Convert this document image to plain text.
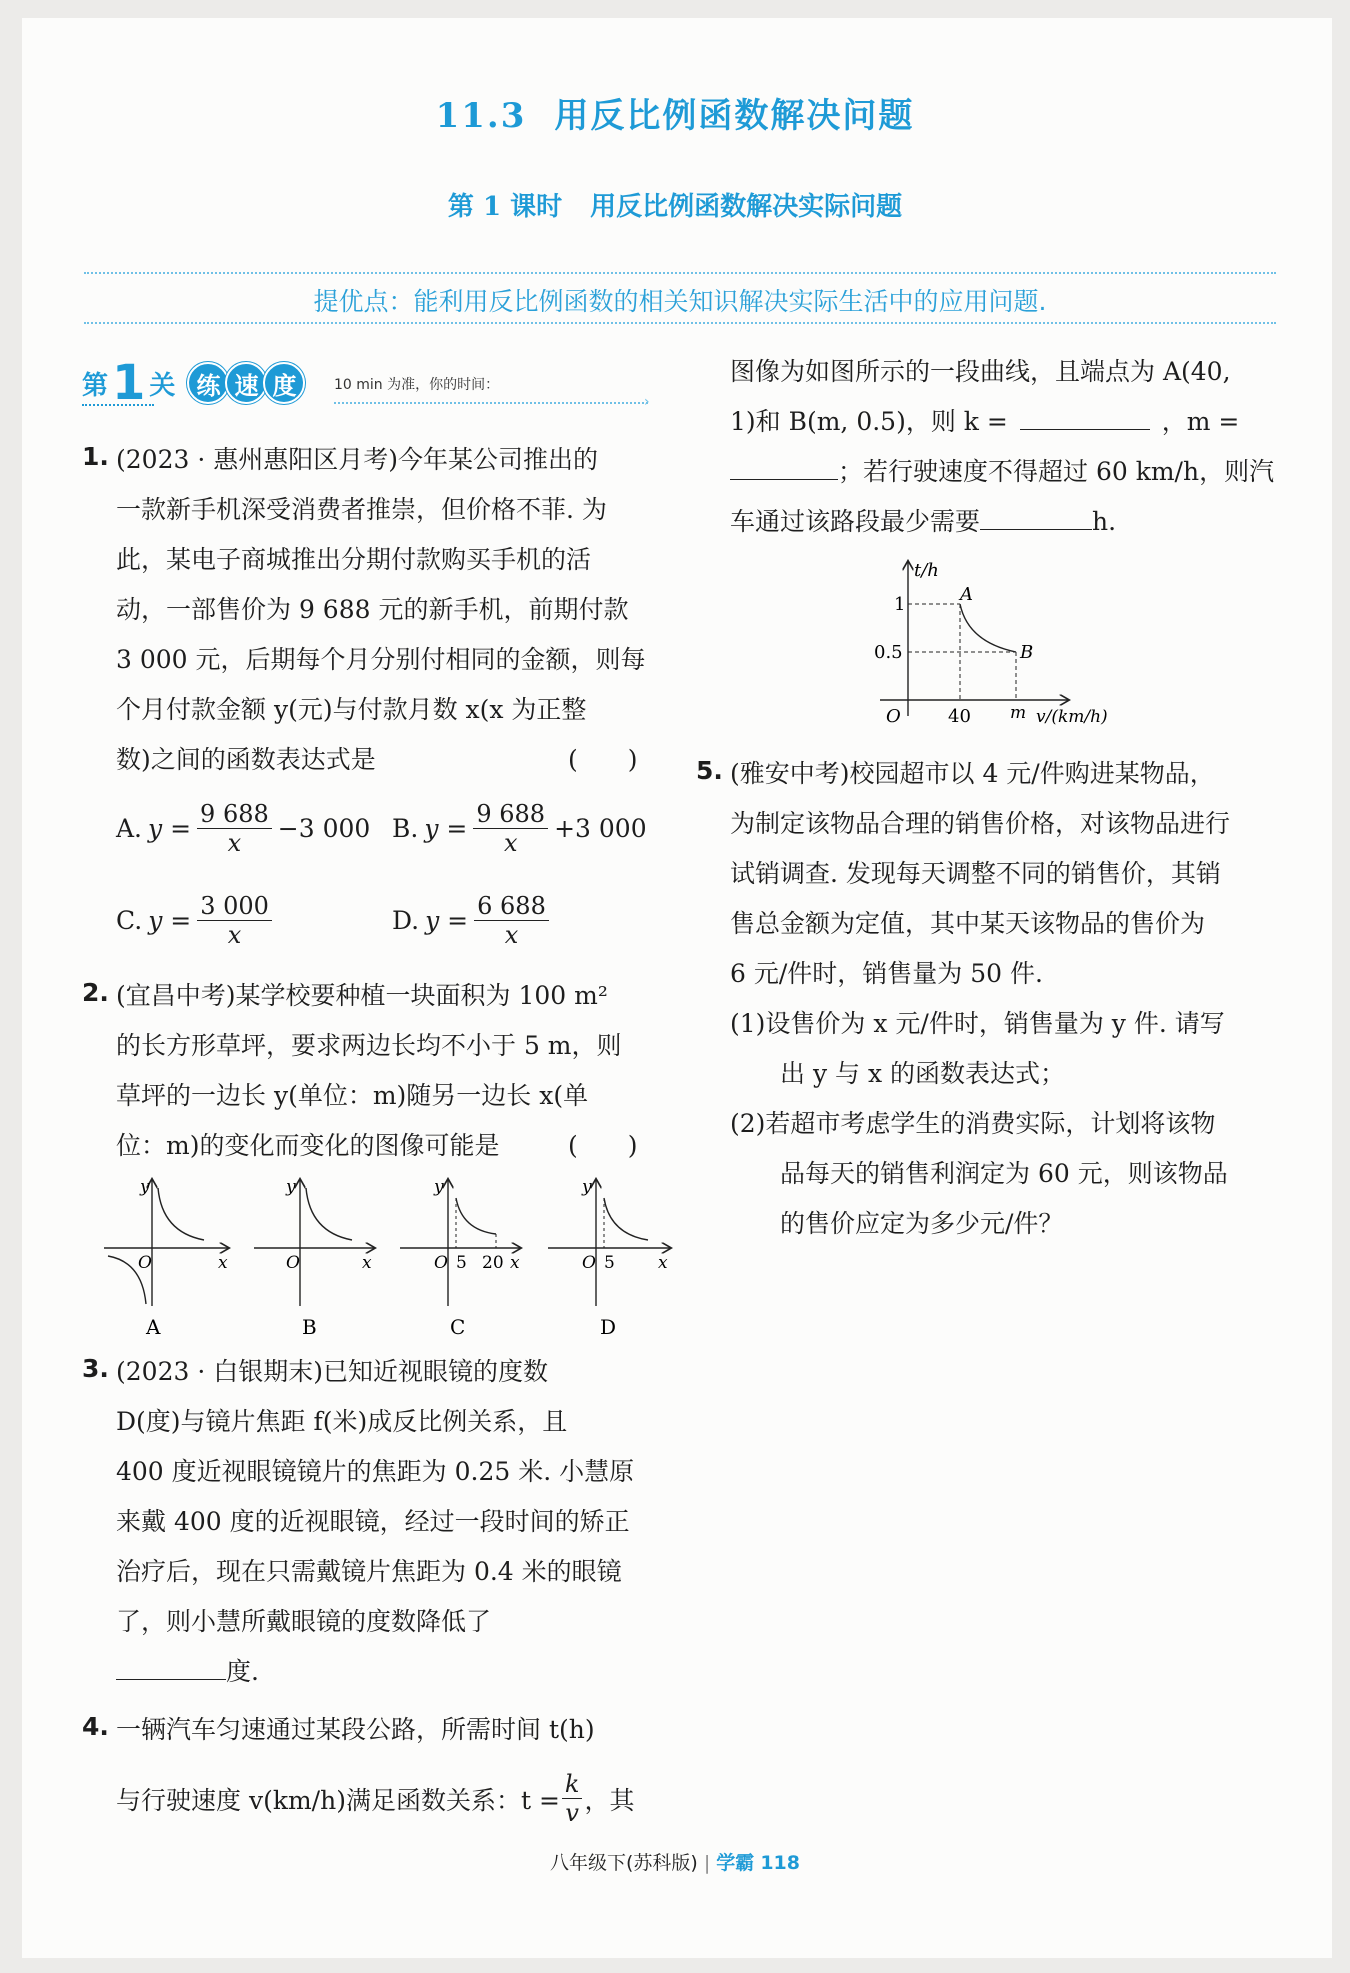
11.3 用反比例函数解决问题
第 1 课时 用反比例函数解决实际问题
提优点：能利用反比例函数的相关知识解决实际生活中的应用问题.
第 1 关 练 速 度	10 min 为准，你的时间：
›
1. (2023 · 惠州惠阳区月考)今年某公司推出的
一款新手机深受消费者推崇，但价格不菲. 为
此，某电子商城推出分期付款购买手机的活
动，一部售价为 9 688 元的新手机，前期付款
3 000 元，后期每个月分别付相同的金额，则每
个月付款金额 y(元)与付款月数 x(x 为正整
数)之间的函数表达式是	(　　)
A. $y = \frac{9 688}{x} -3$ 000 B. $y = \frac{9 688}{x} +3$ 000
C. $y = \frac{3 000}{x}$	D. $y = \frac{6 688}{x}$
2. (宜昌中考)某学校要种植一块面积为 100 m²
的长方形草坪，要求两边长均不小于 5 m，则
草坪的一边长 y(单位：m)随另一边长 x(单
位：m)的变化而变化的图像可能是	(　　)
y
x
O
A
y
x
O
B
y
x
O 5 20
C
y
x
O 5
D
3. (2023 · 白银期末)已知近视眼镜的度数
D(度)与镜片焦距 f(米)成反比例关系，且
400 度近视眼镜镜片的焦距为 0.25 米. 小慧原
来戴 400 度的近视眼镜，经过一段时间的矫正
治疗后，现在只需戴镜片焦距为 0.4 米的眼镜
了，则小慧所戴眼镜的度数降低了
度.
4. 一辆汽车匀速通过某段公路，所需时间 t(h)
与行驶速度 v(km/h)满足函数关系：$t = \frac{k}{v}$ ，其
图像为如图所示的一段曲线，且端点为 A(40,
1)和 B(m, 0.5)，则 k =	，m =
；若行驶速度不得超过 60 km/h，则汽
车通过该路段最少需要	h.
t/h
v/(km/h)
O
1
0.5
40 m
A
B
5. (雅安中考)校园超市以 4 元/件购进某物品，
为制定该物品合理的销售价格，对该物品进行
试销调查. 发现每天调整不同的销售价，其销
售总金额为定值，其中某天该物品的售价为
6 元/件时，销售量为 50 件.
(1)设售价为 x 元/件时，销售量为 y 件. 请写
出 y 与 x 的函数表达式；
(2)若超市考虑学生的消费实际，计划将该物
品每天的销售利润定为 60 元，则该物品
的售价应定为多少元/件？
八年级下(苏科版) | 学霸 118
